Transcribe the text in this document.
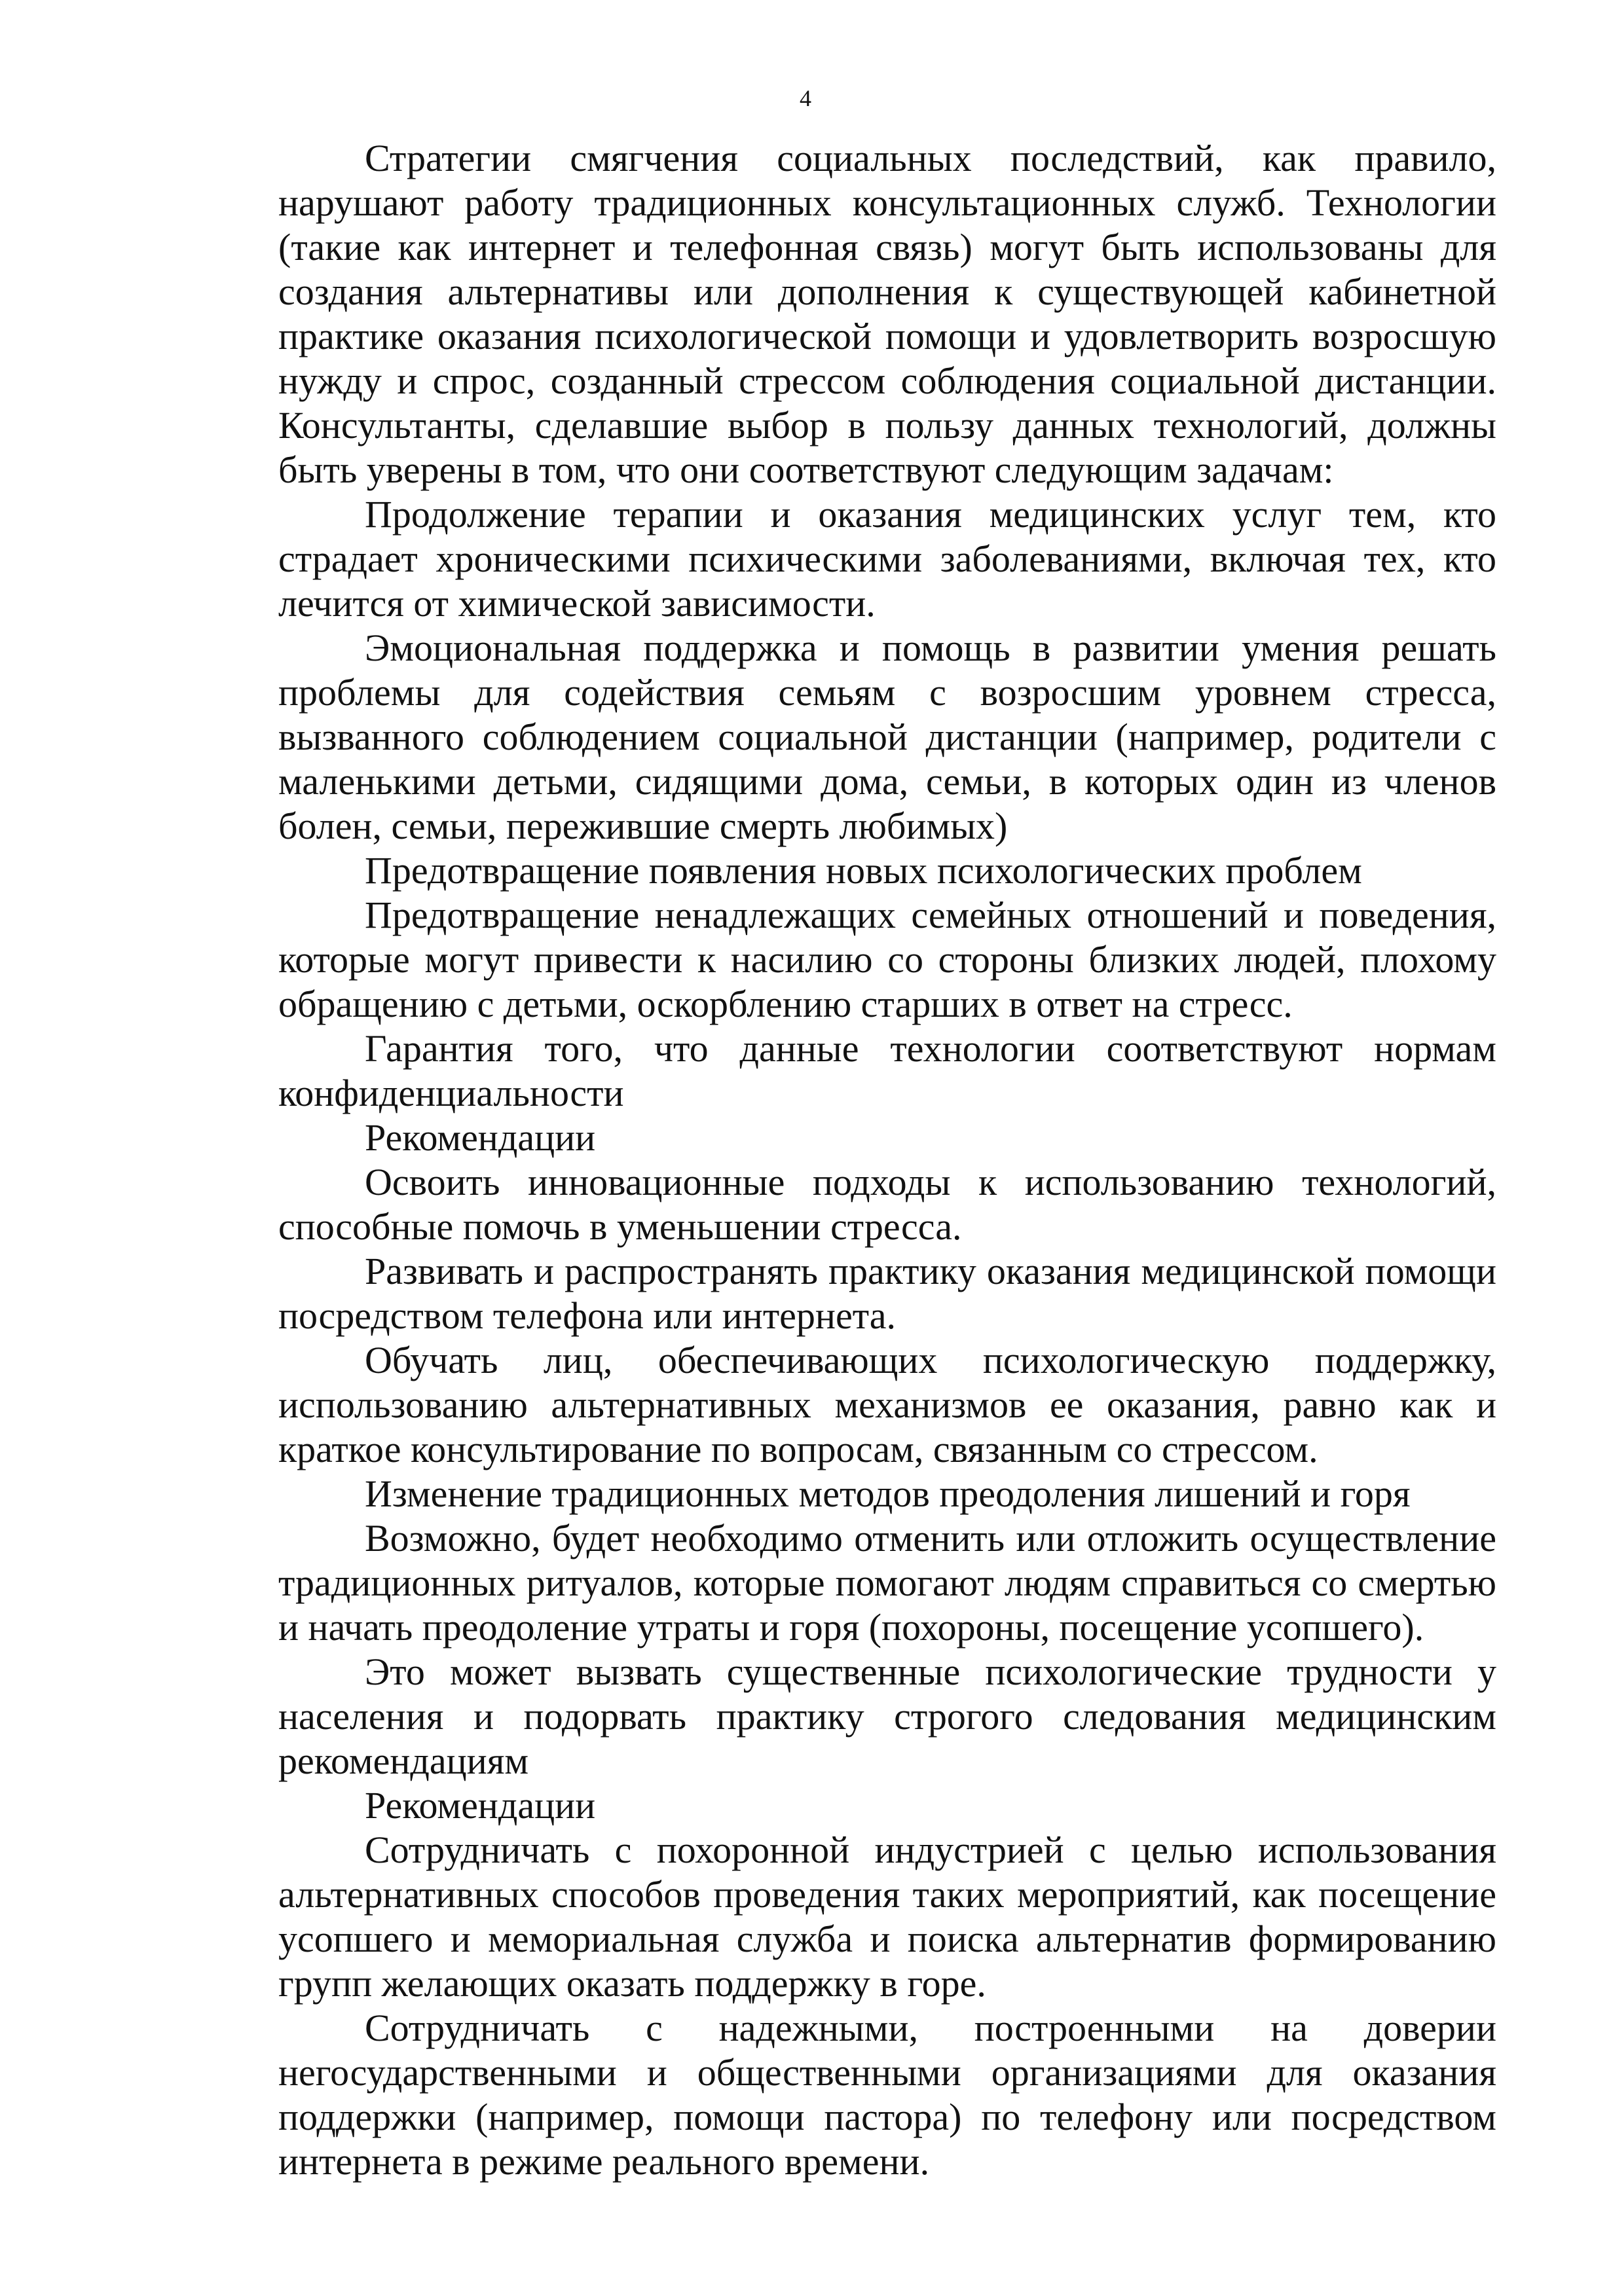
4

Стратегии смягчения социальных последствий, как правило, нарушают работу традиционных консультационных служб. Технологии (такие как интернет и телефонная связь) могут быть использованы для создания альтернативы или дополнения к существующей кабинетной практике оказания психологической помощи и удовлетворить возросшую нужду и спрос, созданный стрессом соблюдения социальной дистанции. Консультанты, сделавшие выбор в пользу данных технологий, должны быть уверены в том, что они соответствуют следующим задачам:

Продолжение терапии и оказания медицинских услуг тем, кто страдает хроническими психическими заболеваниями, включая тех, кто лечится от химической зависимости.

Эмоциональная поддержка и помощь в развитии умения решать проблемы для содействия семьям с возросшим уровнем стресса, вызванного соблюдением социальной дистанции (например, родители с маленькими детьми, сидящими дома, семьи, в которых один из членов болен, семьи, пережившие смерть любимых)

Предотвращение появления новых психологических проблем

Предотвращение ненадлежащих семейных отношений и поведения, которые могут привести к насилию со стороны близких людей, плохому обращению с детьми, оскорблению старших в ответ на стресс.

Гарантия того, что данные технологии соответствуют нормам конфиденциальности

Рекомендации

Освоить инновационные подходы к использованию технологий, способные помочь в уменьшении стресса.

Развивать и распространять практику оказания медицинской помощи посредством телефона или интернета.

Обучать лиц, обеспечивающих психологическую поддержку, использованию альтернативных механизмов ее оказания, равно как и краткое консультирование по вопросам, связанным со стрессом.

Изменение традиционных методов преодоления лишений и горя

Возможно, будет необходимо отменить или отложить осуществление традиционных ритуалов, которые помогают людям справиться со смертью и начать преодоление утраты и горя (похороны, посещение усопшего).

Это может вызвать существенные психологические трудности у населения и подорвать практику строгого следования медицинским рекомендациям

Рекомендации

Сотрудничать с похоронной индустрией с целью использования альтернативных способов проведения таких мероприятий, как посещение усопшего и мемориальная служба и поиска альтернатив формированию групп желающих оказать поддержку в горе.

Сотрудничать с надежными, построенными на доверии негосударственными и общественными организациями для оказания поддержки (например, помощи пастора) по телефону или посредством интернета в режиме реального времени.
